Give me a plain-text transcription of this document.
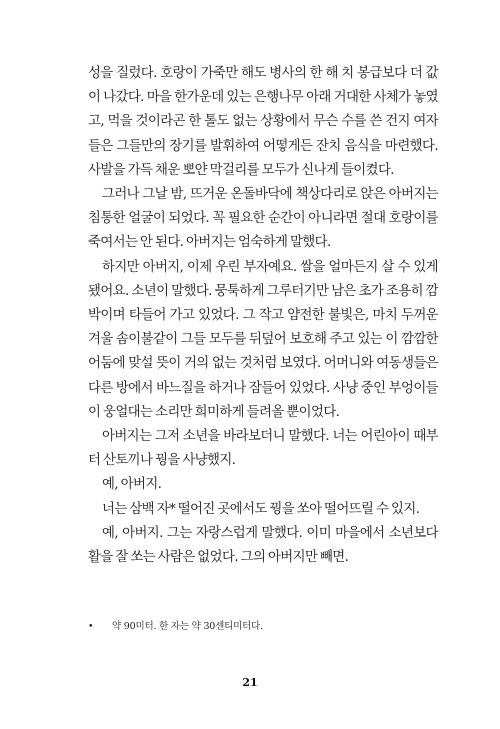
성을 질렀다. 호랑이 가죽만 해도 병사의 한 해 치 봉급보다 더 값이 나갔다. 마을 한가운데 있는 은행나무 아래 거대한 사체가 놓였고, 먹을 것이라곤 한 톨도 없는 상황에서 무슨 수를 쓴 건지 여자들은 그들만의 장기를 발휘하여 어떻게든 잔치 음식을 마련했다. 사발을 가득 채운 뽀얀 막걸리를 모두가 신나게 들이켰다.

그러나 그날 밤, 뜨거운 온돌바닥에 책상다리로 앉은 아버지는 침통한 얼굴이 되었다. 꼭 필요한 순간이 아니라면 절대 호랑이를 죽여서는 안 된다. 아버지는 엄숙하게 말했다.

하지만 아버지, 이제 우린 부자예요. 쌀을 얼마든지 살 수 있게 됐어요. 소년이 말했다. 뭉툭하게 그루터기만 남은 초가 조용히 깜박이며 타들어 가고 있었다. 그 작고 얌전한 불빛은, 마치 두꺼운 겨울 솜이불같이 그들 모두를 뒤덮어 보호해 주고 있는 이 깜깜한 어둠에 맞설 뜻이 거의 없는 것처럼 보였다. 어머니와 여동생들은 다른 방에서 바느질을 하거나 잠들어 있었다. 사냥 중인 부엉이들이 웅얼대는 소리만 희미하게 들려올 뿐이었다.

아버지는 그저 소년을 바라보더니 말했다. 너는 어린아이 때부터 산토끼나 꿩을 사냥했지.

예, 아버지.

너는 삼백 자* 떨어진 곳에서도 꿩을 쏘아 떨어뜨릴 수 있지.

예, 아버지. 그는 자랑스럽게 말했다. 이미 마을에서 소년보다 활을 잘 쏘는 사람은 없었다. 그의 아버지만 빼면.

• 약 90미터. 한 자는 약 30센티미터다.
21
